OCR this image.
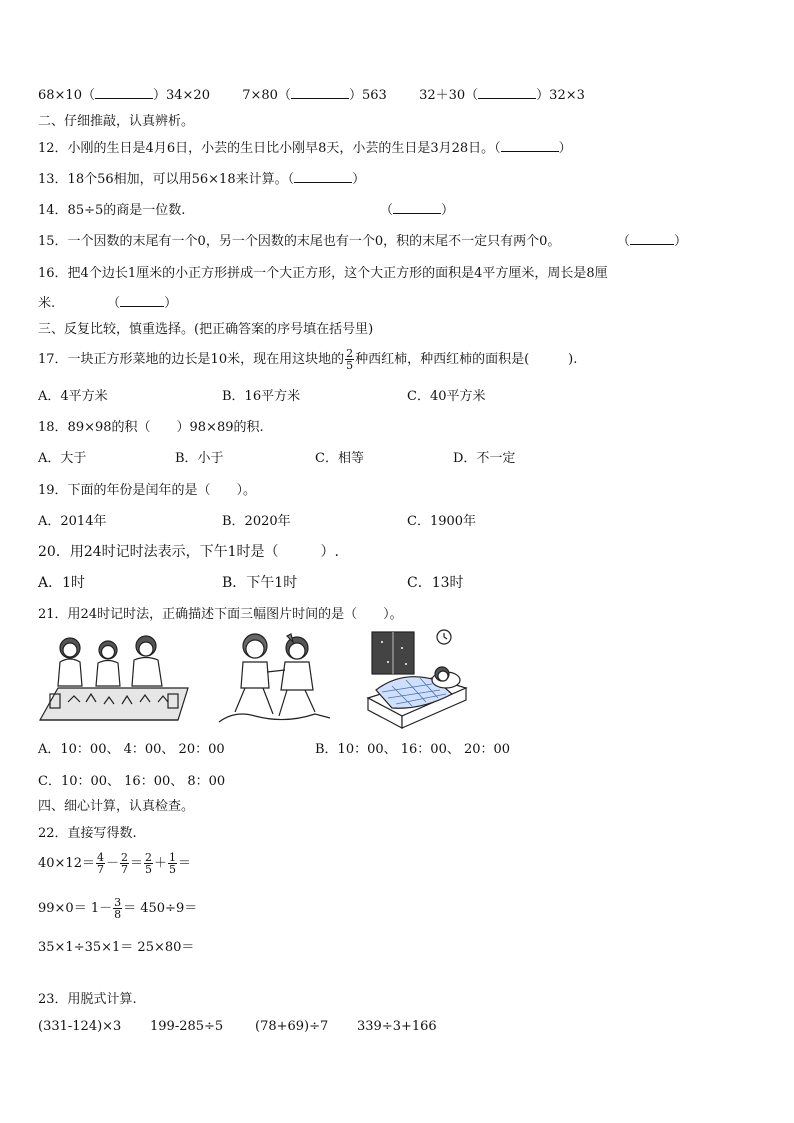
68×10（	）34×20 7×80（	）563 32＋30（	）32×3
二、仔细推敲，认真辨析。
12．小刚的生日是4月6日，小芸的生日比小刚早8天，小芸的生日是3月28日。（	）
13．18个56相加，可以用56×18来计算。（	）
14．85÷5的商是一位数.	（	）
15．一个因数的末尾有一个0，另一个因数的末尾也有一个0，积的末尾不一定只有两个0。	（	）
16．把4个边长1厘米的小正方形拼成一个大正方形，这个大正方形的面积是4平方厘米，周长是8厘
米.	（	）
三、反复比较，慎重选择。(把正确答案的序号填在括号里)
17．一块正方形菜地的边长是10米，现在用这块地的 $\frac{2}{5}$ 种西红柿，种西红柿的面积是(　　　).
A．4平方米	B．16平方米	C．40平方米
18．89×98的积（　　）98×89的积.
A．大于	B．小于	C．相等	D．不一定
19．下面的年份是闰年的是（　　）。
A．2014年	B．2020年	C．1900年
20．用24时记时法表示，下午1时是（　　　）.
A．1时	B．下午1时	C．13时
21．用24时记时法，正确描述下面三幅图片时间的是（　　）。
A．10：00、 4：00、 20：00	B．10：00、 16：00、 20：00
C．10：00、 16：00、 8：00
四、细心计算，认真检查。
22．直接写得数.
$40\times 12= \frac{4}{7} - \frac{2}{7} = \frac{2}{5} + \frac{1}{5}$ ＝
$99\times 0= 1- \frac{3}{8} = 450\div 9=$
35×1÷35×1＝ 25×80＝
23．用脱式计算.
(331-124)×3 199-285÷5 (78+69)÷7 339÷3+166
